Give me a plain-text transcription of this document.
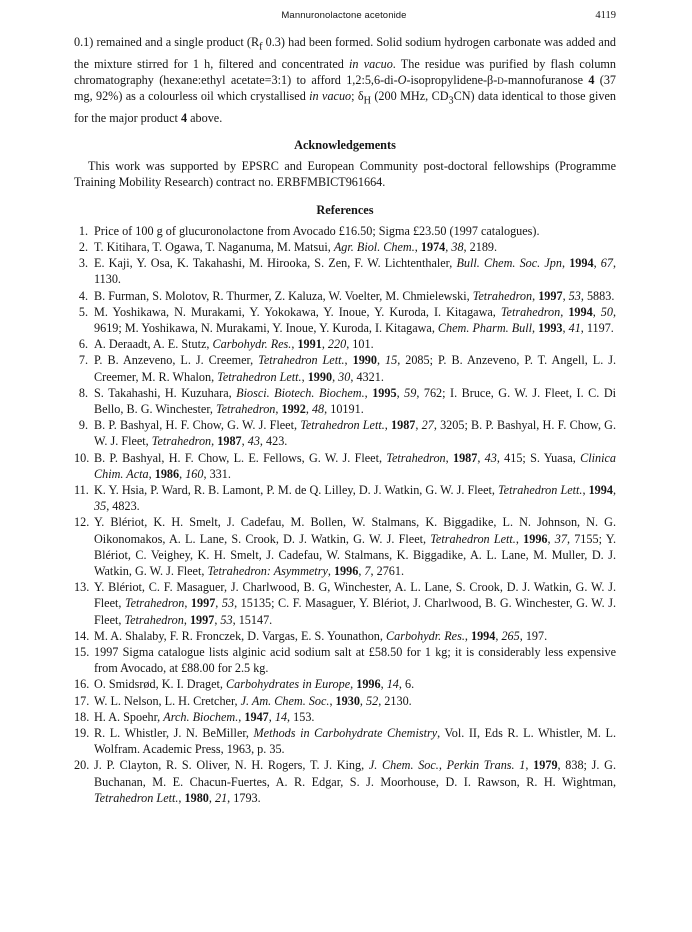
Mannuronolactone acetonide	4119

0.1) remained and a single product ($R_f$ 0.3) had been formed. Solid sodium hydrogen carbonate was added and the mixture stirred for 1 h, filtered and concentrated in vacuo. The residue was purified by flash column chromatography (hexane:ethyl acetate=3:1) to afford 1,2:5,6-di-O-isopropylidene-β-d-mannofuranose 4 (37 mg, 92%) as a colourless oil which crystallised in vacuo; $\delta_H$ (200 MHz, $CD_3CN$) data identical to those given for the major product 4 above.

Acknowledgements

This work was supported by EPSRC and European Community post-doctoral fellowships (Programme Training Mobility Research) contract no. ERBFMBICT961664.

References
1. Price of 100 g of glucuronolactone from Avocado £16.50; Sigma £23.50 (1997 catalogues).
2. T. Kitihara, T. Ogawa, T. Naganuma, M. Matsui, Agr. Biol. Chem., 1974, 38, 2189.
3. E. Kaji, Y. Osa, K. Takahashi, M. Hirooka, S. Zen, F. W. Lichtenthaler, Bull. Chem. Soc. Jpn, 1994, 67, 1130.
4. B. Furman, S. Molotov, R. Thurmer, Z. Kaluza, W. Voelter, M. Chmielewski, Tetrahedron, 1997, 53, 5883.
5. M. Yoshikawa, N. Murakami, Y. Yokokawa, Y. Inoue, Y. Kuroda, I. Kitagawa, Tetrahedron, 1994, 50, 9619; M. Yoshikawa, N. Murakami, Y. Inoue, Y. Kuroda, I. Kitagawa, Chem. Pharm. Bull, 1993, 41, 1197.
6. A. Deraadt, A. E. Stutz, Carbohydr. Res., 1991, 220, 101.
7. P. B. Anzeveno, L. J. Creemer, Tetrahedron Lett., 1990, 15, 2085; P. B. Anzeveno, P. T. Angell, L. J. Creemer, M. R. Whalon, Tetrahedron Lett., 1990, 30, 4321.
8. S. Takahashi, H. Kuzuhara, Biosci. Biotech. Biochem., 1995, 59, 762; I. Bruce, G. W. J. Fleet, I. C. Di Bello, B. G. Winchester, Tetrahedron, 1992, 48, 10191.
9. B. P. Bashyal, H. F. Chow, G. W. J. Fleet, Tetrahedron Lett., 1987, 27, 3205; B. P. Bashyal, H. F. Chow, G. W. J. Fleet, Tetrahedron, 1987, 43, 423.
10. B. P. Bashyal, H. F. Chow, L. E. Fellows, G. W. J. Fleet, Tetrahedron, 1987, 43, 415; S. Yuasa, Clinica Chim. Acta, 1986, 160, 331.
11. K. Y. Hsia, P. Ward, R. B. Lamont, P. M. de Q. Lilley, D. J. Watkin, G. W. J. Fleet, Tetrahedron Lett., 1994, 35, 4823.
12. Y. Blériot, K. H. Smelt, J. Cadefau, M. Bollen, W. Stalmans, K. Biggadike, L. N. Johnson, N. G. Oikonomakos, A. L. Lane, S. Crook, D. J. Watkin, G. W. J. Fleet, Tetrahedron Lett., 1996, 37, 7155; Y. Blériot, C. Veighey, K. H. Smelt, J. Cadefau, W. Stalmans, K. Biggadike, A. L. Lane, M. Muller, D. J. Watkin, G. W. J. Fleet, Tetrahedron: Asymmetry, 1996, 7, 2761.
13. Y. Blériot, C. F. Masaguer, J. Charlwood, B. G, Winchester, A. L. Lane, S. Crook, D. J. Watkin, G. W. J. Fleet, Tetrahedron, 1997, 53, 15135; C. F. Masaguer, Y. Blériot, J. Charlwood, B. G. Winchester, G. W. J. Fleet, Tetrahedron, 1997, 53, 15147.
14. M. A. Shalaby, F. R. Fronczek, D. Vargas, E. S. Younathon, Carbohydr. Res., 1994, 265, 197.
15. 1997 Sigma catalogue lists alginic acid sodium salt at £58.50 for 1 kg; it is considerably less expensive from Avocado, at £88.00 for 2.5 kg.
16. O. Smidsrød, K. I. Draget, Carbohydrates in Europe, 1996, 14, 6.
17. W. L. Nelson, L. H. Cretcher, J. Am. Chem. Soc., 1930, 52, 2130.
18. H. A. Spoehr, Arch. Biochem., 1947, 14, 153.
19. R. L. Whistler, J. N. BeMiller, Methods in Carbohydrate Chemistry, Vol. II, Eds R. L. Whistler, M. L. Wolfram. Academic Press, 1963, p. 35.
20. J. P. Clayton, R. S. Oliver, N. H. Rogers, T. J. King, J. Chem. Soc., Perkin Trans. 1, 1979, 838; J. G. Buchanan, M. E. Chacun-Fuertes, A. R. Edgar, S. J. Moorhouse, D. I. Rawson, R. H. Wightman, Tetrahedron Lett., 1980, 21, 1793.
